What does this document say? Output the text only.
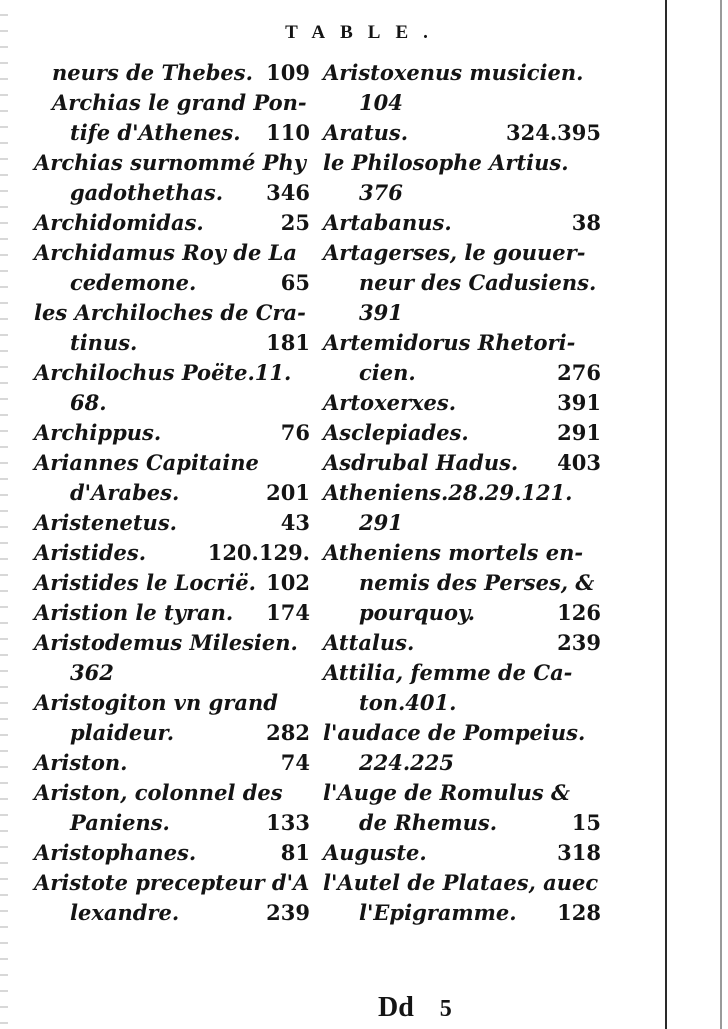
TABLE.
neurs de Thebes. 109
Archias le grand Pon-
tife d'Athenes. 110
Archias surnommé Phy
gadothethas. 346
Archidomidas.	25
Archidamus Roy de La
cedemone.	65
les Archiloches de Cra-
tinus.	181
Archilochus Poëte.11.
68.
Archippus.	76
Ariannes Capitaine
d'Arabes.	201
Aristenetus.	43
Aristides.	120.129.
Aristides le Locrië. 102
Aristion le tyran. 174
Aristodemus Milesien.
362
Aristogiton vn grand
plaideur.	282
Ariston.	74
Ariston, colonnel des
Paniens.	133
Aristophanes.	81
Aristote precepteur d'A
lexandre.	239
Aristoxenus musicien.
104
Aratus.	324.395
le Philosophe Artius.
376
Artabanus.	38
Artagerses, le gouuer-
neur des Cadusiens.
391
Artemidorus Rhetori-
cien.	276
Artoxerxes.	391
Asclepiades.	291
Asdrubal Hadus. 403
Atheniens.28.29.121.
291
Atheniens mortels en-
nemis des Perses, &
pourquoy.	126
Attalus.	239
Attilia, femme de Ca-
ton.401.
l'audace de Pompeius.
224.225
l'Auge de Romulus &
de Rhemus.	15
Auguste.	318
l'Autel de Plataes, auec
l'Epigramme. 128
Dd 5
